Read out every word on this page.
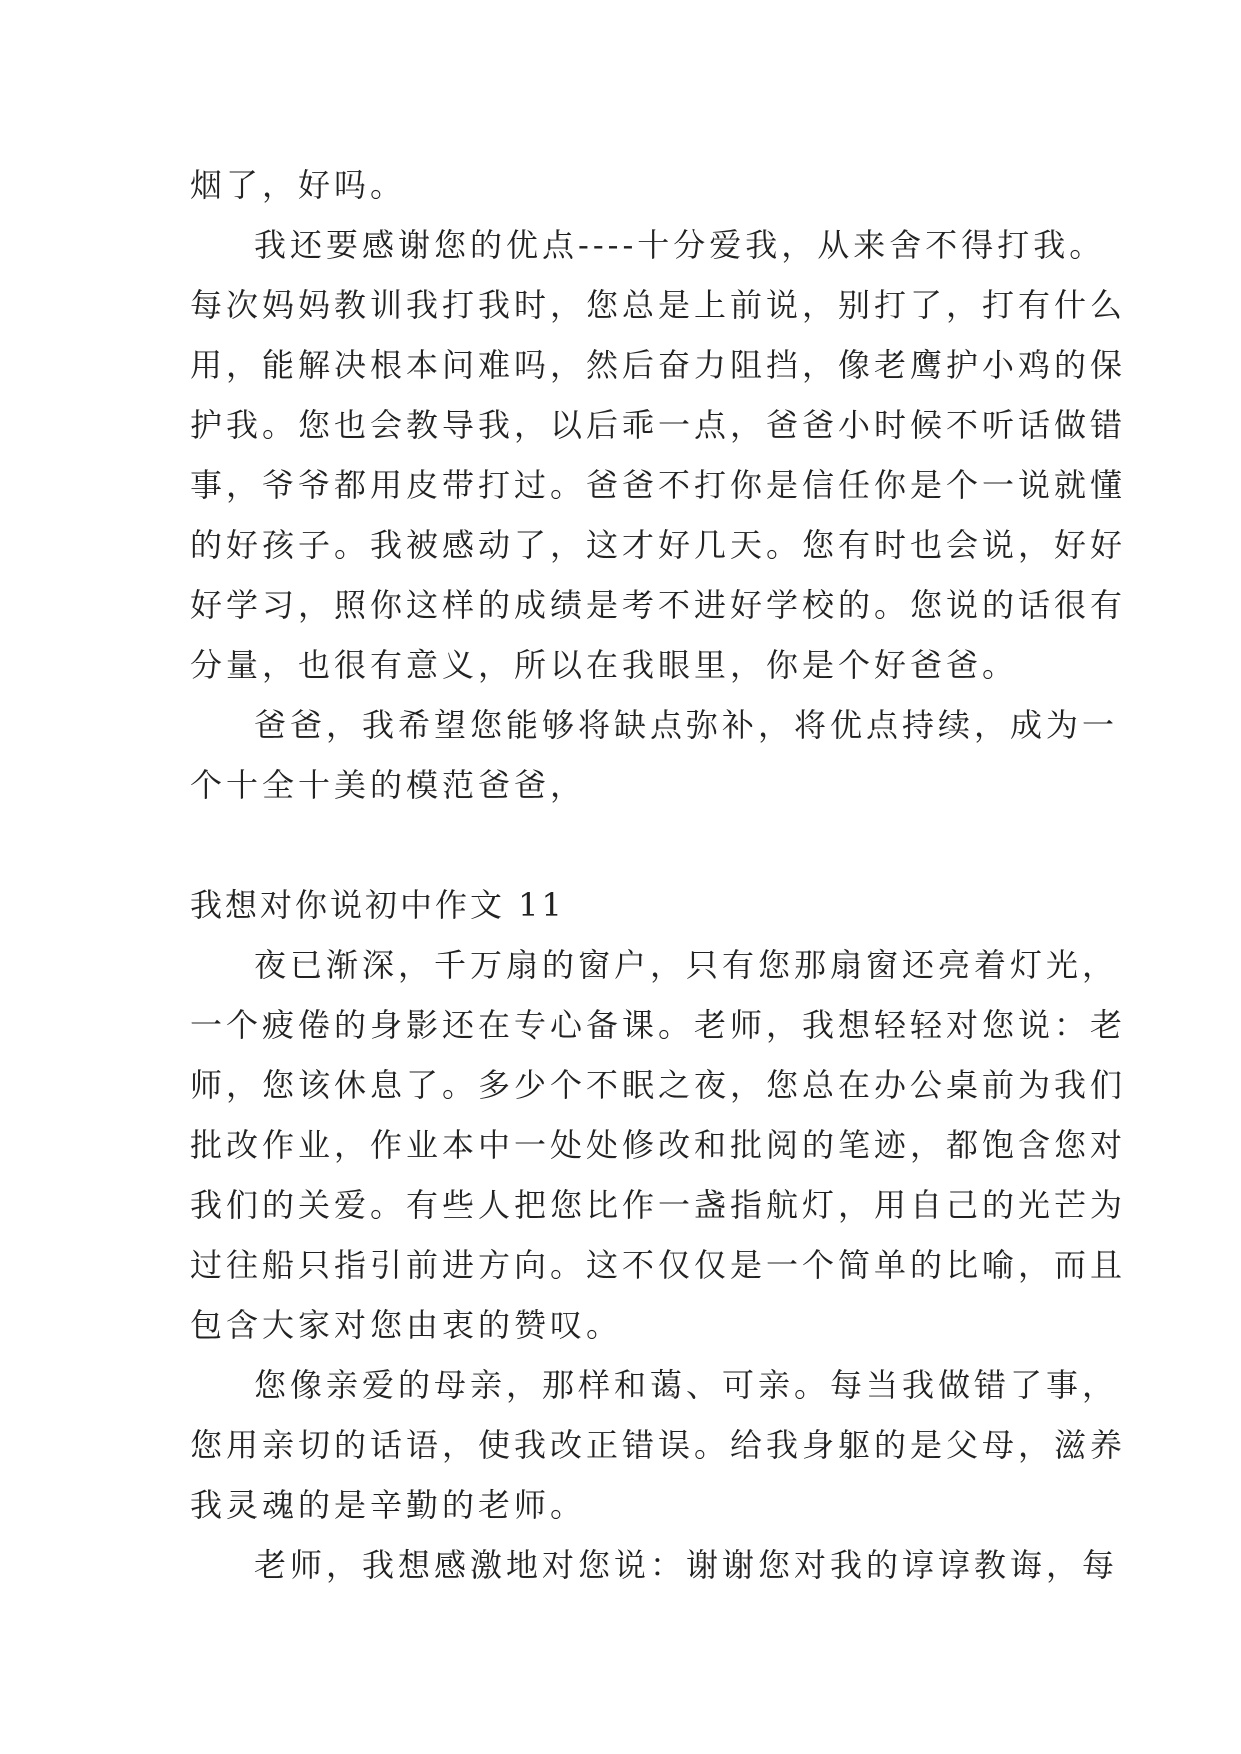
烟了，好吗。

我还要感谢您的优点----十分爱我，从来舍不得打我。

每次妈妈教训我打我时，您总是上前说，别打了，打有什么

用，能解决根本问难吗，然后奋力阻挡，像老鹰护小鸡的保

护我。您也会教导我，以后乖一点，爸爸小时候不听话做错

事，爷爷都用皮带打过。爸爸不打你是信任你是个一说就懂

的好孩子。我被感动了，这才好几天。您有时也会说，好好

好学习，照你这样的成绩是考不进好学校的。您说的话很有

分量，也很有意义，所以在我眼里，你是个好爸爸。

爸爸，我希望您能够将缺点弥补，将优点持续，成为一

个十全十美的模范爸爸，

我想对你说初中作文 11

夜已渐深，千万扇的窗户，只有您那扇窗还亮着灯光，

一个疲倦的身影还在专心备课。老师，我想轻轻对您说：老

师，您该休息了。多少个不眠之夜，您总在办公桌前为我们

批改作业，作业本中一处处修改和批阅的笔迹，都饱含您对

我们的关爱。有些人把您比作一盏指航灯，用自己的光芒为

过往船只指引前进方向。这不仅仅是一个简单的比喻，而且

包含大家对您由衷的赞叹。

您像亲爱的母亲，那样和蔼、可亲。每当我做错了事，

您用亲切的话语，使我改正错误。给我身躯的是父母，滋养

我灵魂的是辛勤的老师。

老师，我想感激地对您说：谢谢您对我的谆谆教诲，每
